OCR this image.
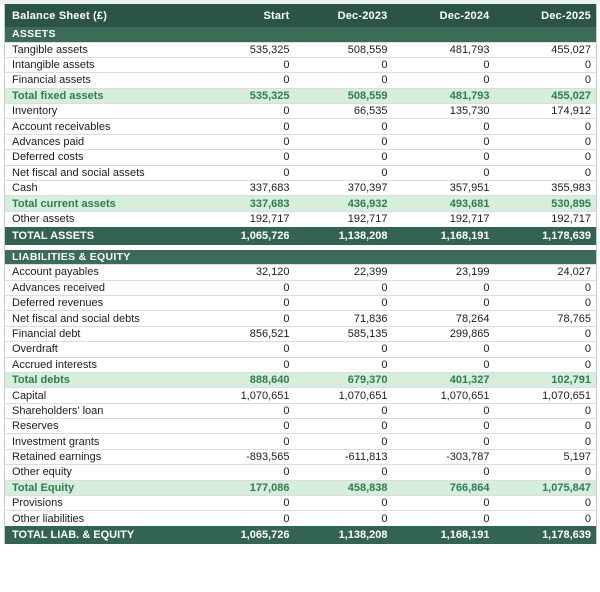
Balance Sheet (£)	Start	Dec-2023	Dec-2024	Dec-2025
ASSETS				
Tangible assets	535,325	508,559	481,793	455,027
Intangible assets	0	0	0	0
Financial assets	0	0	0	0
Total fixed assets	535,325	508,559	481,793	455,027
Inventory	0	66,535	135,730	174,912
Account receivables	0	0	0	0
Advances paid	0	0	0	0
Deferred costs	0	0	0	0
Net fiscal and social assets	0	0	0	0
Cash	337,683	370,397	357,951	355,983
Total current assets	337,683	436,932	493,681	530,895
Other assets	192,717	192,717	192,717	192,717
TOTAL ASSETS	1,065,726	1,138,208	1,168,191	1,178,639

LIABILITIES & EQUITY				
Account payables	32,120	22,399	23,199	24,027
Advances received	0	0	0	0
Deferred revenues	0	0	0	0
Net fiscal and social debts	0	71,836	78,264	78,765
Financial debt	856,521	585,135	299,865	0
Overdraft	0	0	0	0
Accrued interests	0	0	0	0
Total debts	888,640	679,370	401,327	102,791
Capital	1,070,651	1,070,651	1,070,651	1,070,651
Shareholders' loan	0	0	0	0
Reserves	0	0	0	0
Investment grants	0	0	0	0
Retained earnings	-893,565	-611,813	-303,787	5,197
Other equity	0	0	0	0
Total Equity	177,086	458,838	766,864	1,075,847
Provisions	0	0	0	0
Other liabilities	0	0	0	0
TOTAL LIAB. & EQUITY	1,065,726	1,138,208	1,168,191	1,178,639
